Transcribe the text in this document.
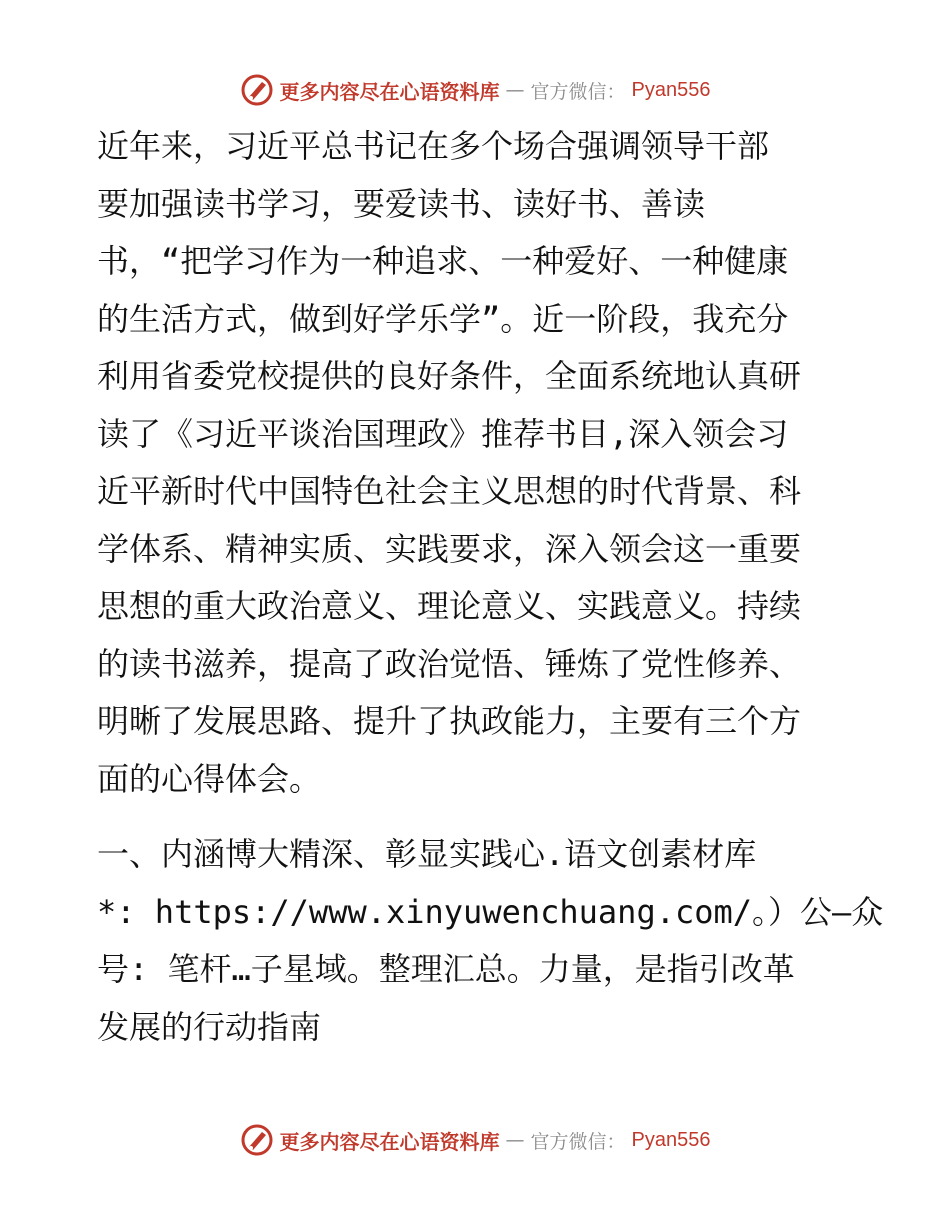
更多内容尽在心语资料库 — 官方微信： Pyan556
近年来，习近平总书记在多个场合强调领导干部
要加强读书学习，要爱读书、读好书、善读
书，“把学习作为一种追求、一种爱好、一种健康
的生活方式，做到好学乐学”。近一阶段，我充分
利用省委党校提供的良好条件，全面系统地认真研
读了《习近平谈治国理政》推荐书目,深入领会习
近平新时代中国特色社会主义思想的时代背景、科
学体系、精神实质、实践要求，深入领会这一重要
思想的重大政治意义、理论意义、实践意义。持续
的读书滋养，提高了政治觉悟、锤炼了党性修养、
明晰了发展思路、提升了执政能力，主要有三个方
面的心得体会。
一、内涵博大精深、彰显实践心.语文创素材库
*: https://www.xinyuwenchuang.com/。）公—众
号: 笔杆…子星域。整理汇总。力量，是指引改革
发展的行动指南
更多内容尽在心语资料库 — 官方微信： Pyan556
